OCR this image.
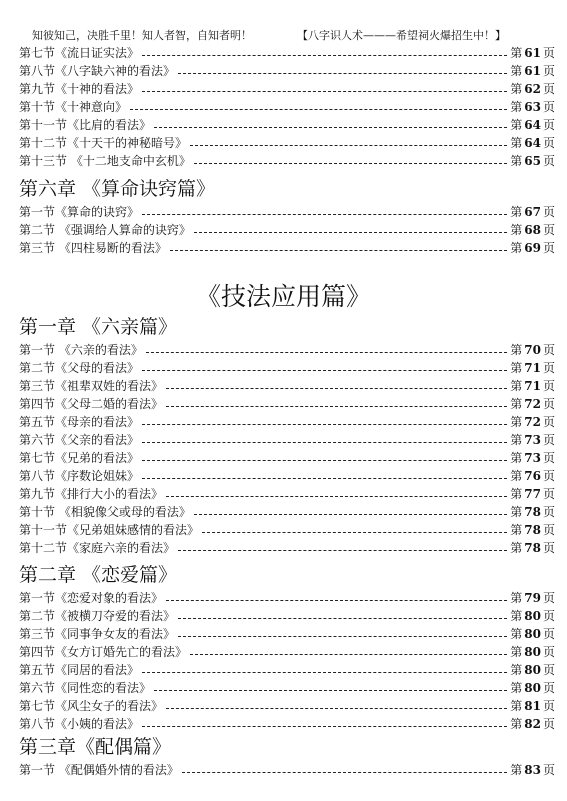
知彼知己，决胜千里！知人者智，自知者明！	【八字识人术———希望祠火爆招生中！】
第七节《流日证实法》	第 61 页
第八节《八字缺六神的看法》	第 61 页
第九节《十神的看法》	第 62 页
第十节《十神意向》	第 63 页
第十一节《比肩的看法》	第 64 页
第十二节《十天干的神秘暗号》	第 64 页
第十三节 《十二地支命中玄机》	第 65 页
第六章 《算命诀窍篇》
第一节《算命的诀窍》	第 67 页
第二节 《强调给人算命的诀窍》	第 68 页
第三节 《四柱易断的看法》	第 69 页
《技法应用篇》
第一章 《六亲篇》
第一节 《六亲的看法》	第 70 页
第二节《父母的看法》	第 71 页
第三节《祖辈双姓的看法》	第 71 页
第四节《父母二婚的看法》	第 72 页
第五节《母亲的看法》	第 72 页
第六节《父亲的看法》	第 73 页
第七节《兄弟的看法》	第 73 页
第八节《序数论姐妹》	第 76 页
第九节《排行大小的看法》	第 77 页
第十节 《相貌像父或母的看法》	第 78 页
第十一节《兄弟姐妹感情的看法》	第 78 页
第十二节《家庭六亲的看法》	第 78 页
第二章 《恋爱篇》
第一节《恋爱对象的看法》	第 79 页
第二节《被横刀夺爱的看法》	第 80 页
第三节《同事争女友的看法》	第 80 页
第四节《女方订婚先亡的看法》	第 80 页
第五节《同居的看法》	第 80 页
第六节《同性恋的看法》	第 80 页
第七节《风尘女子的看法》	第 81 页
第八节《小姨的看法》	第 82 页
第三章《配偶篇》
第一节 《配偶婚外情的看法》	第 83 页
